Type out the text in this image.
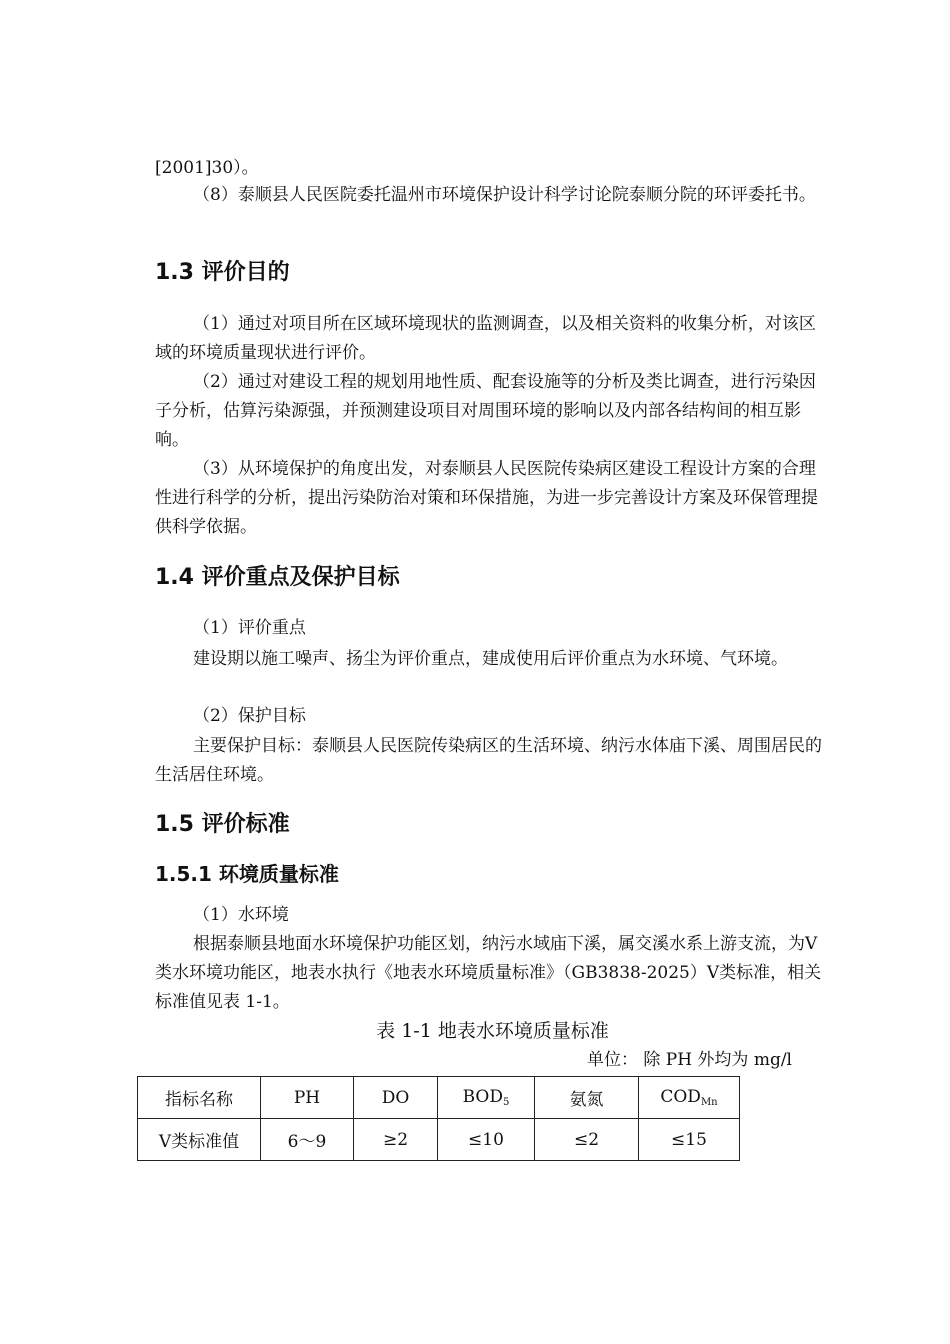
[2001]30）。

（8）泰顺县人民医院委托温州市环境保护设计科学讨论院泰顺分院的环评委托书。

1.3 评价目的

（1）通过对项目所在区域环境现状的监测调查，以及相关资料的收集分析，对该区域的环境质量现状进行评价。

（2）通过对建设工程的规划用地性质、配套设施等的分析及类比调查，进行污染因子分析，估算污染源强，并预测建设项目对周围环境的影响以及内部各结构间的相互影响。

（3）从环境保护的角度出发，对泰顺县人民医院传染病区建设工程设计方案的合理性进行科学的分析，提出污染防治对策和环保措施，为进一步完善设计方案及环保管理提供科学依据。

1.4 评价重点及保护目标

（1）评价重点

建设期以施工噪声、扬尘为评价重点，建成使用后评价重点为水环境、气环境。

（2）保护目标

主要保护目标：泰顺县人民医院传染病区的生活环境、纳污水体庙下溪、周围居民的生活居住环境。

1.5 评价标准
1.5.1 环境质量标准

（1）水环境

根据泰顺县地面水环境保护功能区划，纳污水域庙下溪，属交溪水系上游支流，为Ⅴ类水环境功能区，地表水执行《地表水环境质量标准》（GB3838-2025）Ⅴ类标准，相关标准值见表 1-1。

表 1-1 地表水环境质量标准

单位： 除 PH 外均为 mg/l

指标名称	PH	DO	$BOD_5$	氨氮	$COD_{Mn}$
Ⅴ类标准值	6～9	≥2	≤10	≤2	≤15
